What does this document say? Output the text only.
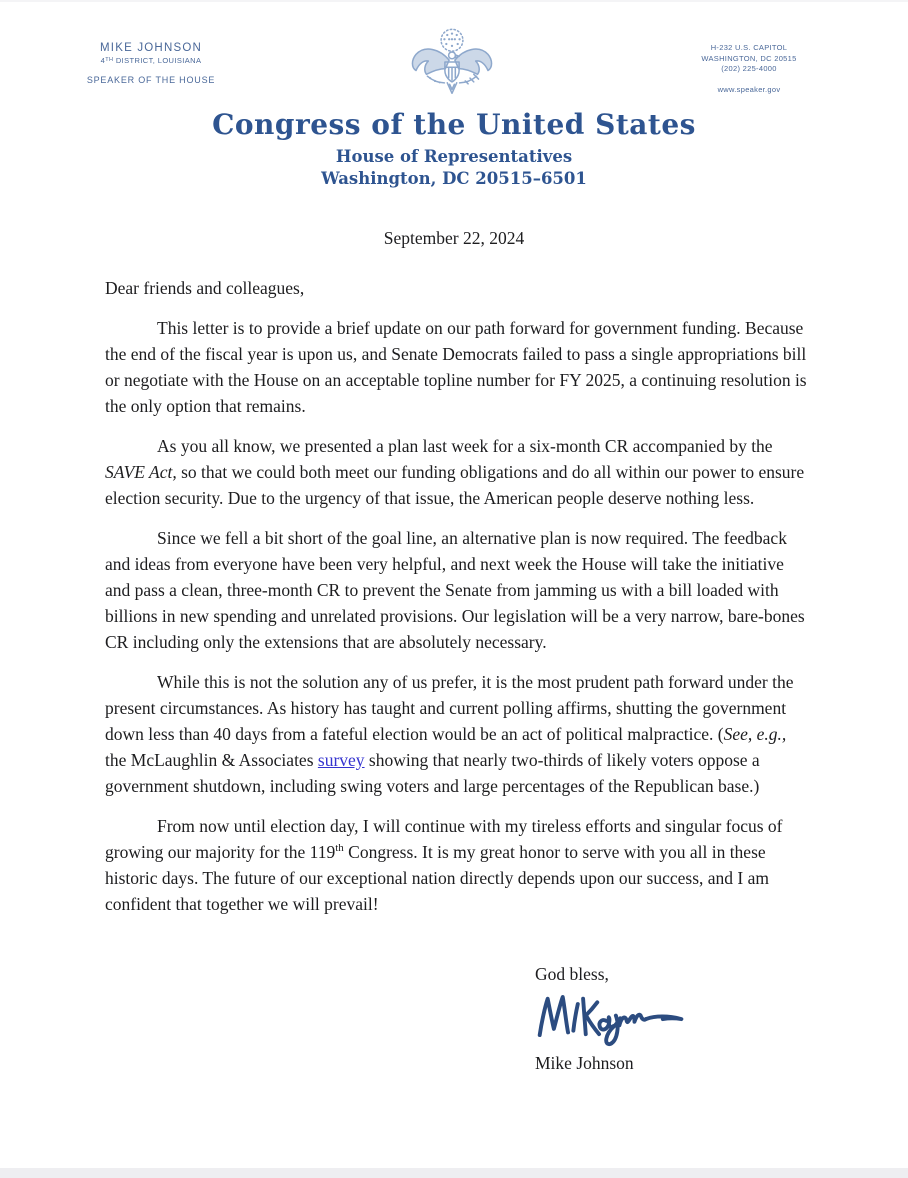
MIKE JOHNSON
4TH DISTRICT, LOUISIANA
SPEAKER OF THE HOUSE
H-232 U.S. CAPITOL
WASHINGTON, DC 20515
(202) 225-4000
www.speaker.gov
Congress of the United States
House of Representatives
Washington, DC 20515–6501
September 22, 2024

Dear friends and colleagues,

This letter is to provide a brief update on our path forward for government funding. Because the end of the fiscal year is upon us, and Senate Democrats failed to pass a single appropriations bill or negotiate with the House on an acceptable topline number for FY 2025, a continuing resolution is the only option that remains.

As you all know, we presented a plan last week for a six-month CR accompanied by the SAVE Act, so that we could both meet our funding obligations and do all within our power to ensure election security. Due to the urgency of that issue, the American people deserve nothing less.

Since we fell a bit short of the goal line, an alternative plan is now required. The feedback and ideas from everyone have been very helpful, and next week the House will take the initiative and pass a clean, three-month CR to prevent the Senate from jamming us with a bill loaded with billions in new spending and unrelated provisions. Our legislation will be a very narrow, bare-bones CR including only the extensions that are absolutely necessary.

While this is not the solution any of us prefer, it is the most prudent path forward under the present circumstances. As history has taught and current polling affirms, shutting the government down less than 40 days from a fateful election would be an act of political malpractice. (See, e.g., the McLaughlin & Associates survey showing that nearly two-thirds of likely voters oppose a government shutdown, including swing voters and large percentages of the Republican base.)

From now until election day, I will continue with my tireless efforts and singular focus of growing our majority for the 119th Congress. It is my great honor to serve with you all in these historic days. The future of our exceptional nation directly depends upon our success, and I am confident that together we will prevail!

God bless,
Mike Johnson
